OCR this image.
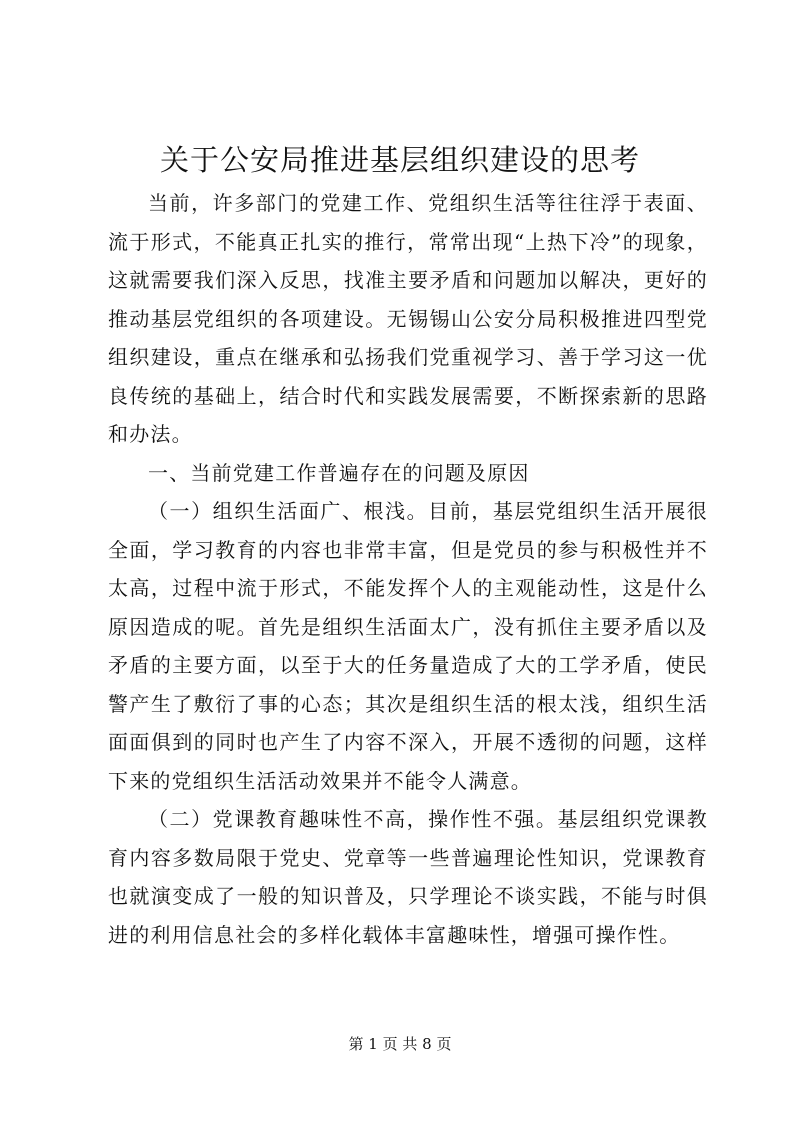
关于公安局推进基层组织建设的思考

当前，许多部门的党建工作、党组织生活等往往浮于表面、流于形式，不能真正扎实的推行，常常出现“上热下冷”的现象，这就需要我们深入反思，找准主要矛盾和问题加以解决，更好的推动基层党组织的各项建设。无锡锡山公安分局积极推进四型党组织建设，重点在继承和弘扬我们党重视学习、善于学习这一优良传统的基础上，结合时代和实践发展需要，不断探索新的思路和办法。

一、当前党建工作普遍存在的问题及原因

（一）组织生活面广、根浅。目前，基层党组织生活开展很全面，学习教育的内容也非常丰富，但是党员的参与积极性并不太高，过程中流于形式，不能发挥个人的主观能动性，这是什么原因造成的呢。首先是组织生活面太广，没有抓住主要矛盾以及矛盾的主要方面，以至于大的任务量造成了大的工学矛盾，使民警产生了敷衍了事的心态；其次是组织生活的根太浅，组织生活面面俱到的同时也产生了内容不深入，开展不透彻的问题，这样下来的党组织生活活动效果并不能令人满意。

（二）党课教育趣味性不高，操作性不强。基层组织党课教育内容多数局限于党史、党章等一些普遍理论性知识，党课教育也就演变成了一般的知识普及，只学理论不谈实践，不能与时俱进的利用信息社会的多样化载体丰富趣味性，增强可操作性。

第 1 页 共 8 页
